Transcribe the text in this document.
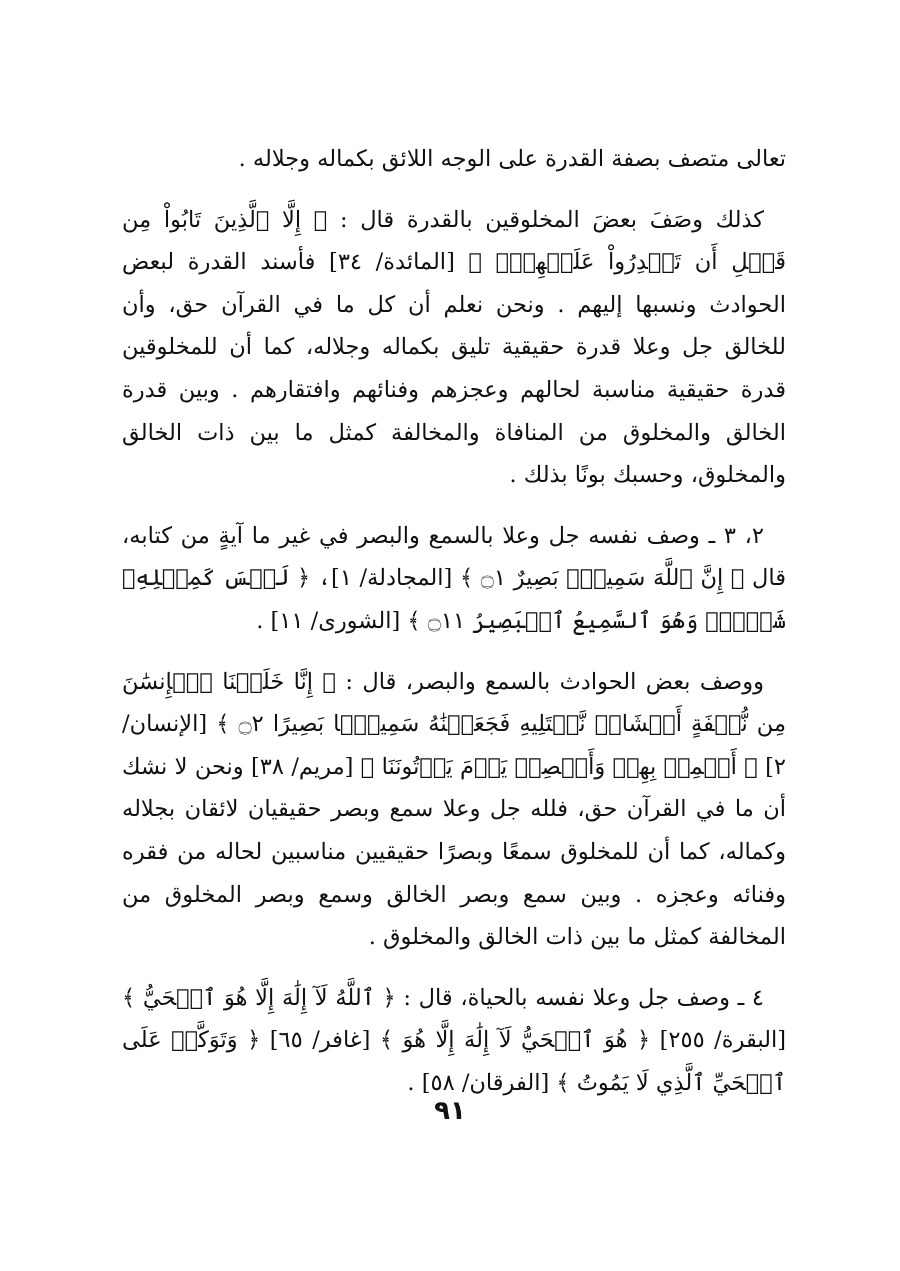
تعالى متصف بصفة القدرة على الوجه اللائق بكماله وجلاله .

كذلك وصَفَ بعضَ المخلوقين بالقدرة قال : ﴿ إِلَّا ٱلَّذِينَ تَابُواْ مِن قَبۡلِ أَن تَقۡدِرُواْ عَلَيۡهِمۡۖ ﴾ [المائدة/ ٣٤] فأسند القدرة لبعض الحوادث ونسبها إليهم . ونحن نعلم أن كل ما في القرآن حق، وأن للخالق جل وعلا قدرة حقيقية تليق بكماله وجلاله، كما أن للمخلوقين قدرة حقيقية مناسبة لحالهم وعجزهم وفنائهم وافتقارهم . وبين قدرة الخالق والمخلوق من المنافاة والمخالفة كمثل ما بين ذات الخالق والمخلوق، وحسبك بونًا بذلك .

٢، ٣ ـ وصف نفسه جل وعلا بالسمع والبصر في غير ما آيةٍ من كتابه، قال ﴿ إِنَّ ٱللَّهَ سَمِيعُۢ بَصِيرٌ ۝١ ﴾ [المجادلة/ ١]، ﴿ لَيۡسَ كَمِثۡلِهِۦ شَيۡءٞۖ وَهُوَ ٱلسَّمِيعُ ٱلۡبَصِيرُ ۝١١ ﴾ [الشورى/ ١١] .

ووصف بعض الحوادث بالسمع والبصر، قال : ﴿ إِنَّا خَلَقۡنَا ٱلۡإِنسَٰنَ مِن نُّطۡفَةٍ أَمۡشَاجٖ نَّبۡتَلِيهِ فَجَعَلۡنَٰهُ سَمِيعَۢا بَصِيرًا ۝٢ ﴾ [الإنسان/ ٢] ﴿ أَسۡمِعۡ بِهِمۡ وَأَبۡصِرۡ يَوۡمَ يَأۡتُونَنَا ﴾ [مريم/ ٣٨] ونحن لا نشك أن ما في القرآن حق، فلله جل وعلا سمع وبصر حقيقيان لائقان بجلاله وكماله، كما أن للمخلوق سمعًا وبصرًا حقيقيين مناسبين لحاله من فقره وفنائه وعجزه . وبين سمع وبصر الخالق وسمع وبصر المخلوق من المخالفة كمثل ما بين ذات الخالق والمخلوق .

٤ ـ وصف جل وعلا نفسه بالحياة، قال : ﴿ ٱللَّهُ لَآ إِلَٰهَ إِلَّا هُوَ ٱلۡحَيُّ ﴾ [البقرة/ ٢٥٥] ﴿ هُوَ ٱلۡحَيُّ لَآ إِلَٰهَ إِلَّا هُوَ ﴾ [غافر/ ٦٥] ﴿ وَتَوَكَّلۡ عَلَى ٱلۡحَيِّ ٱلَّذِي لَا يَمُوتُ ﴾ [الفرقان/ ٥٨] .

٩١
